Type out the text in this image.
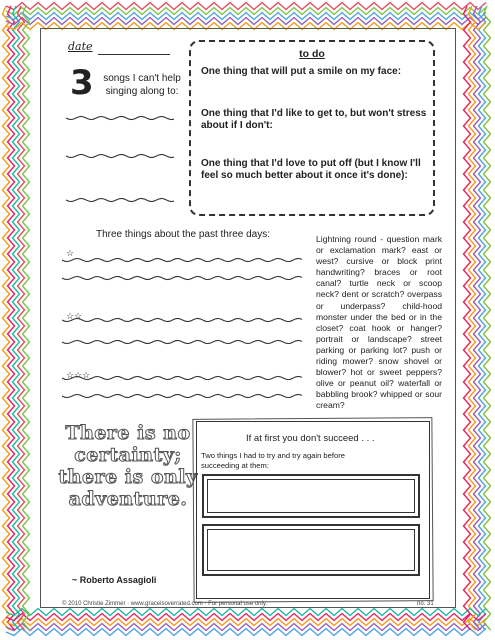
date
3 songs I can't help singing along to:
to do
One thing that will put a smile on my face:
One thing that I'd like to get to, but won't stress about if I don't:
One thing that I'd love to put off (but I know I'll feel so much better about it once it's done):
Three things about the past three days:
☆
☆☆
☆☆☆
Lightning round - question mark or exclamation mark? east or west? cursive or block print handwriting? braces or root canal? turtle neck or scoop neck? dent or scratch? overpass or underpass? child-hood monster under the bed or in the closet? coat hook or hanger? portrait or landscape? street parking or parking lot? push or riding mower? snow shovel or blower? hot or sweet peppers? olive or peanut oil? waterfall or babbling brook? whipped or sour cream?
There is no certainty; there is only adventure.
~ Roberto Assagioli
If at first you don't succeed . . .
Two things I had to try and try again before succeeding at them:
© 2010 Christie Zimmer · www.graceisoverrated.com · For personal use only.	no. 31
